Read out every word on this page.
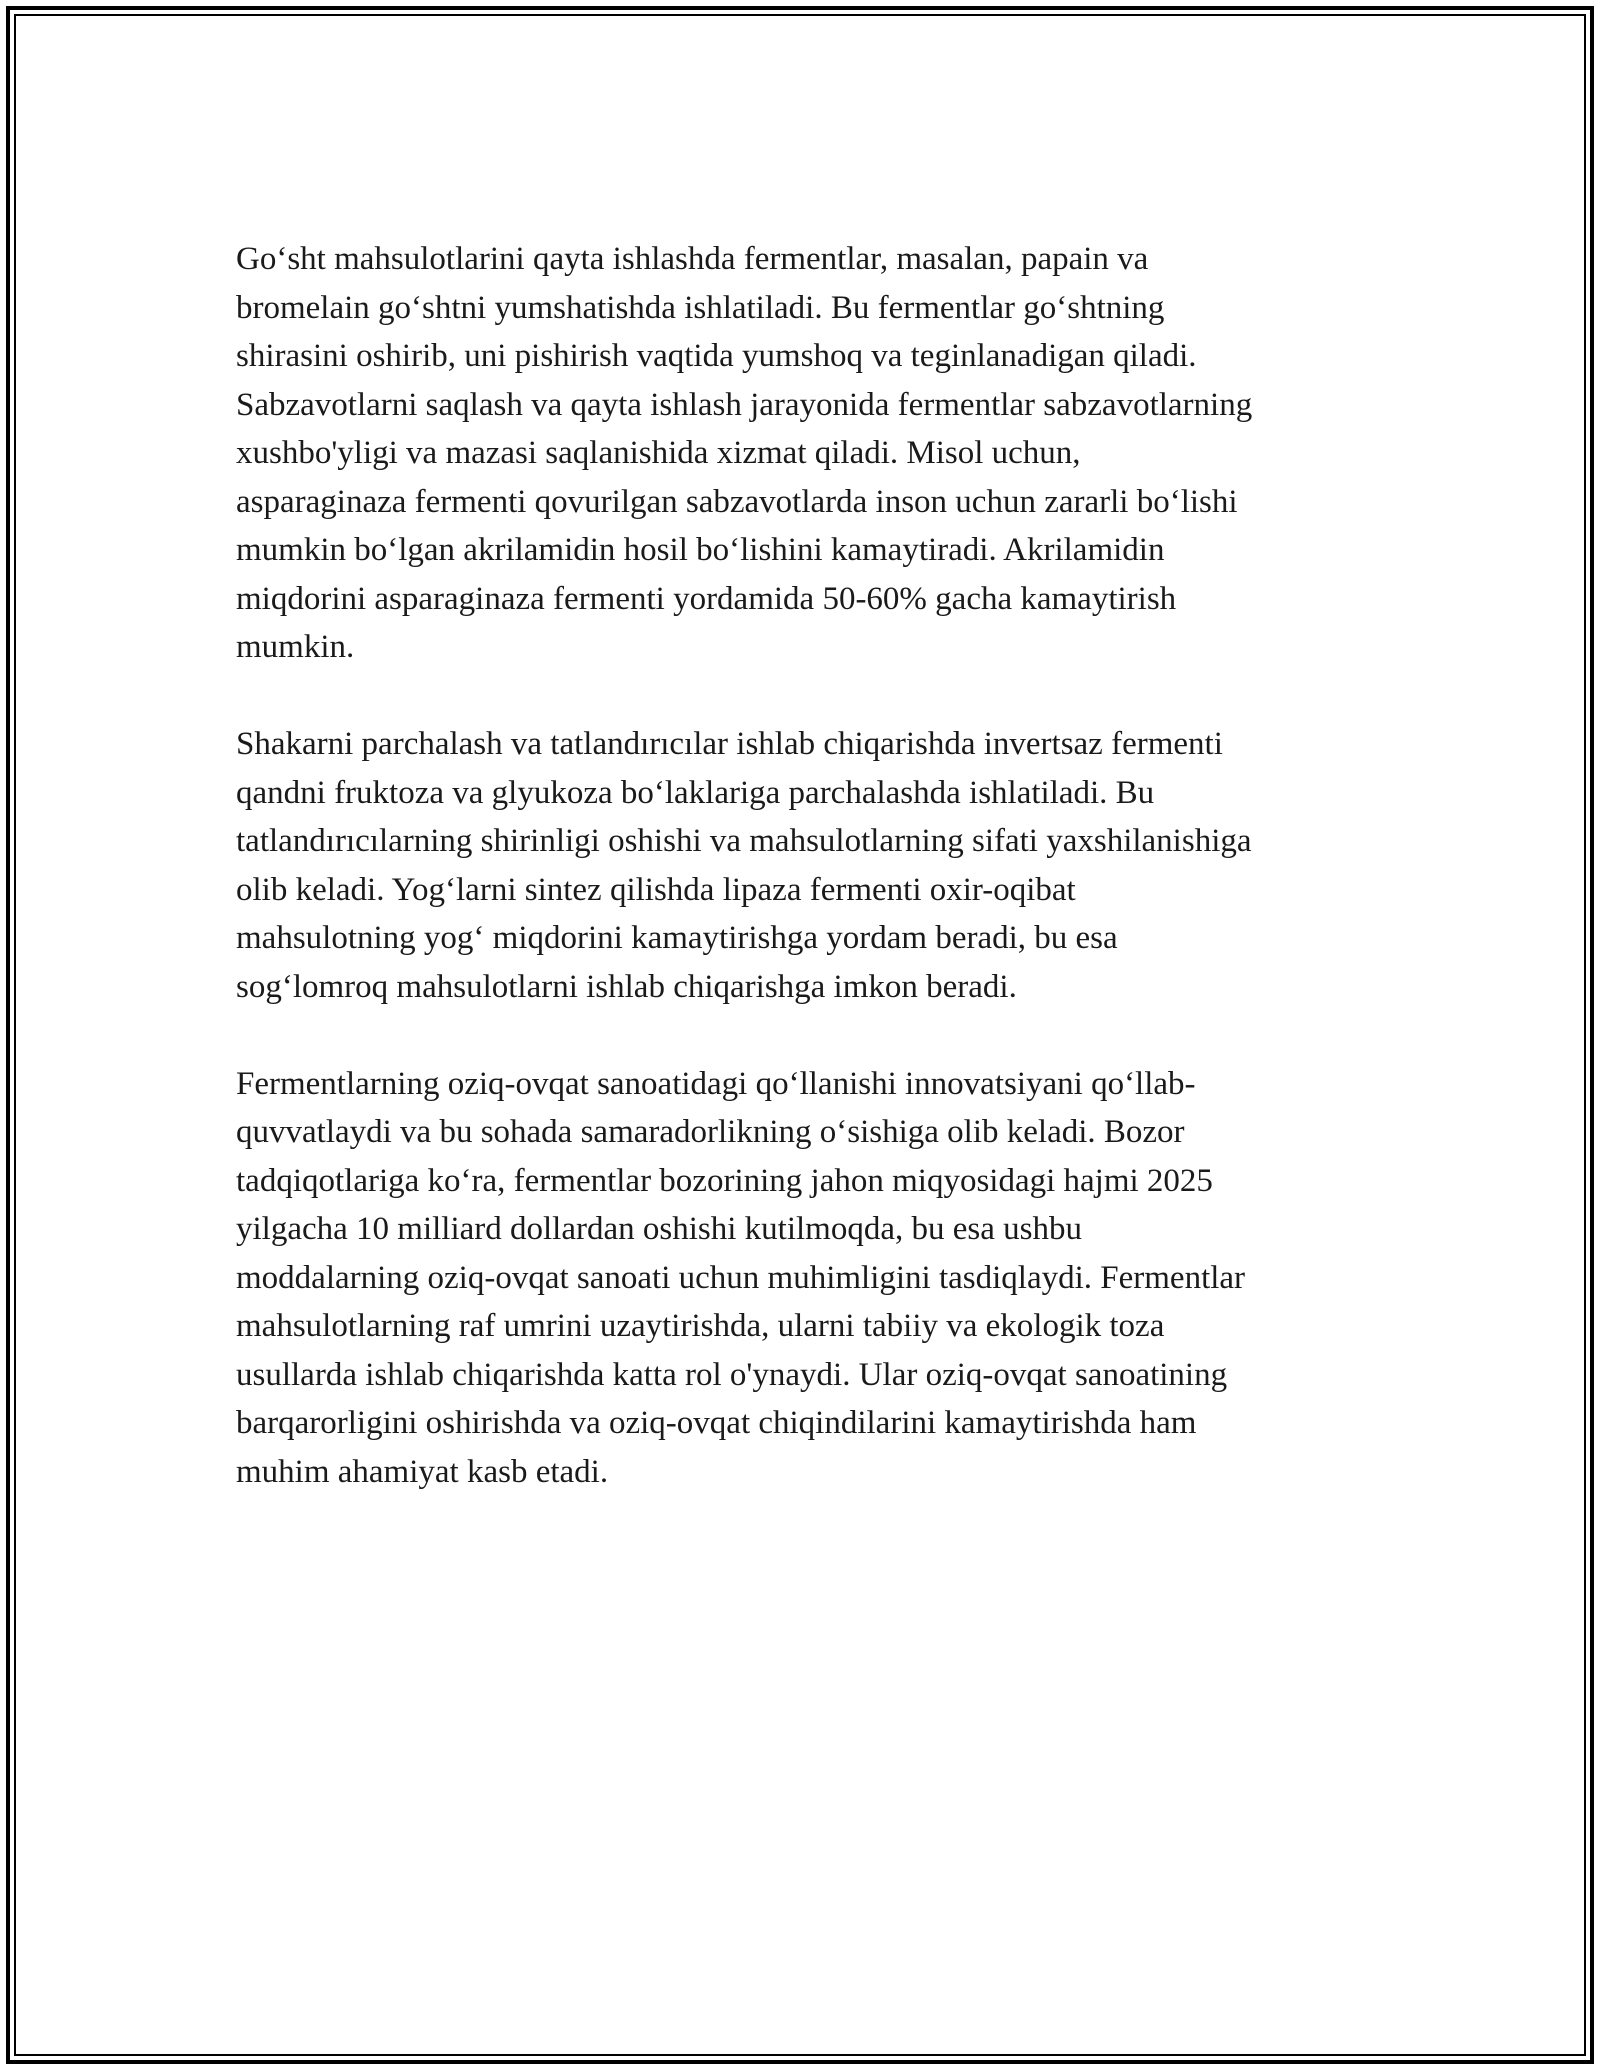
Go‘sht mahsulotlarini qayta ishlashda fermentlar, masalan, papain va
bromelain go‘shtni yumshatishda ishlatiladi. Bu fermentlar go‘shtning
shirasini oshirib, uni pishirish vaqtida yumshoq va teginlanadigan qiladi.
Sabzavotlarni saqlash va qayta ishlash jarayonida fermentlar sabzavotlarning
xushbo'yligi va mazasi saqlanishida xizmat qiladi. Misol uchun,
asparaginaza fermenti qovurilgan sabzavotlarda inson uchun zararli bo‘lishi
mumkin bo‘lgan akrilamidin hosil bo‘lishini kamaytiradi. Akrilamidin
miqdorini asparaginaza fermenti yordamida 50-60% gacha kamaytirish
mumkin.

Shakarni parchalash va tatlandırıcılar ishlab chiqarishda invertsaz fermenti
qandni fruktoza va glyukoza bo‘laklariga parchalashda ishlatiladi. Bu
tatlandırıcılarning shirinligi oshishi va mahsulotlarning sifati yaxshilanishiga
olib keladi. Yog‘larni sintez qilishda lipaza fermenti oxir-oqibat
mahsulotning yog‘ miqdorini kamaytirishga yordam beradi, bu esa
sog‘lomroq mahsulotlarni ishlab chiqarishga imkon beradi.

Fermentlarning oziq-ovqat sanoatidagi qo‘llanishi innovatsiyani qo‘llab-
quvvatlaydi va bu sohada samaradorlikning o‘sishiga olib keladi. Bozor
tadqiqotlariga ko‘ra, fermentlar bozorining jahon miqyosidagi hajmi 2025
yilgacha 10 milliard dollardan oshishi kutilmoqda, bu esa ushbu
moddalarning oziq-ovqat sanoati uchun muhimligini tasdiqlaydi. Fermentlar
mahsulotlarning raf umrini uzaytirishda, ularni tabiiy va ekologik toza
usullarda ishlab chiqarishda katta rol o'ynaydi. Ular oziq-ovqat sanoatining
barqarorligini oshirishda va oziq-ovqat chiqindilarini kamaytirishda ham
muhim ahamiyat kasb etadi.
